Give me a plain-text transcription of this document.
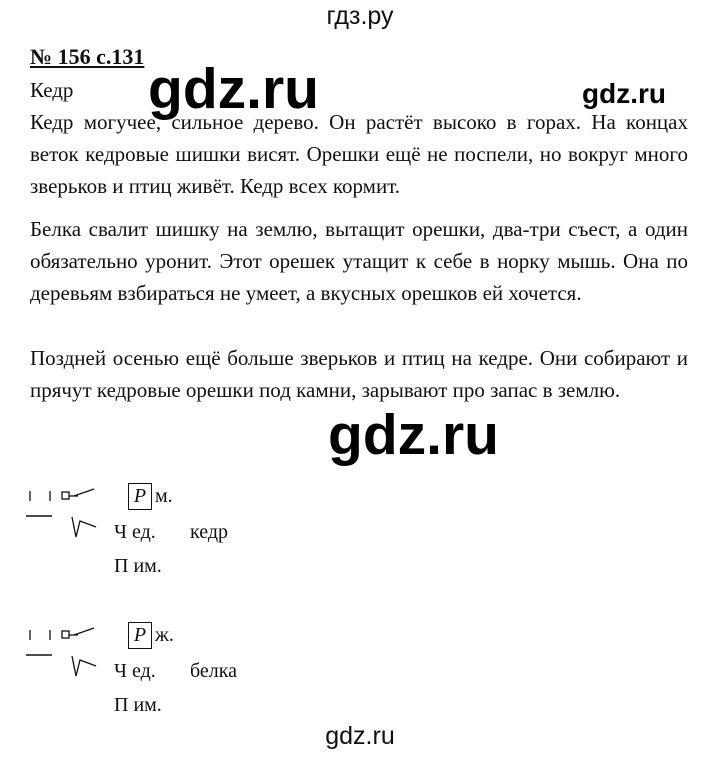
гдз.ру
gdz.ru	gdz.ru
gdz.ru
№ 156 с.131
Кедр

Кедр могучее, сильное дерево. Он растёт высоко в горах. На концах веток кедровые шишки висят. Орешки ещё не поспели, но вокруг много зверьков и птиц живёт. Кедр всех кормит.

Белка свалит шишку на землю, вытащит орешки, два-три съест, а один обязательно уронит. Этот орешек утащит к себе в норку мышь. Она по деревьям взбираться не умеет, а вкусных орешков ей хочется.

Поздней осенью ещё больше зверьков и птиц на кедре. Они собирают и прячут кедровые орешки под камни, зарывают про запас в землю.

Р м.
Ч ед. кедр
П им.
Р ж.
Ч ед. белка
П им.
gdz.ru
